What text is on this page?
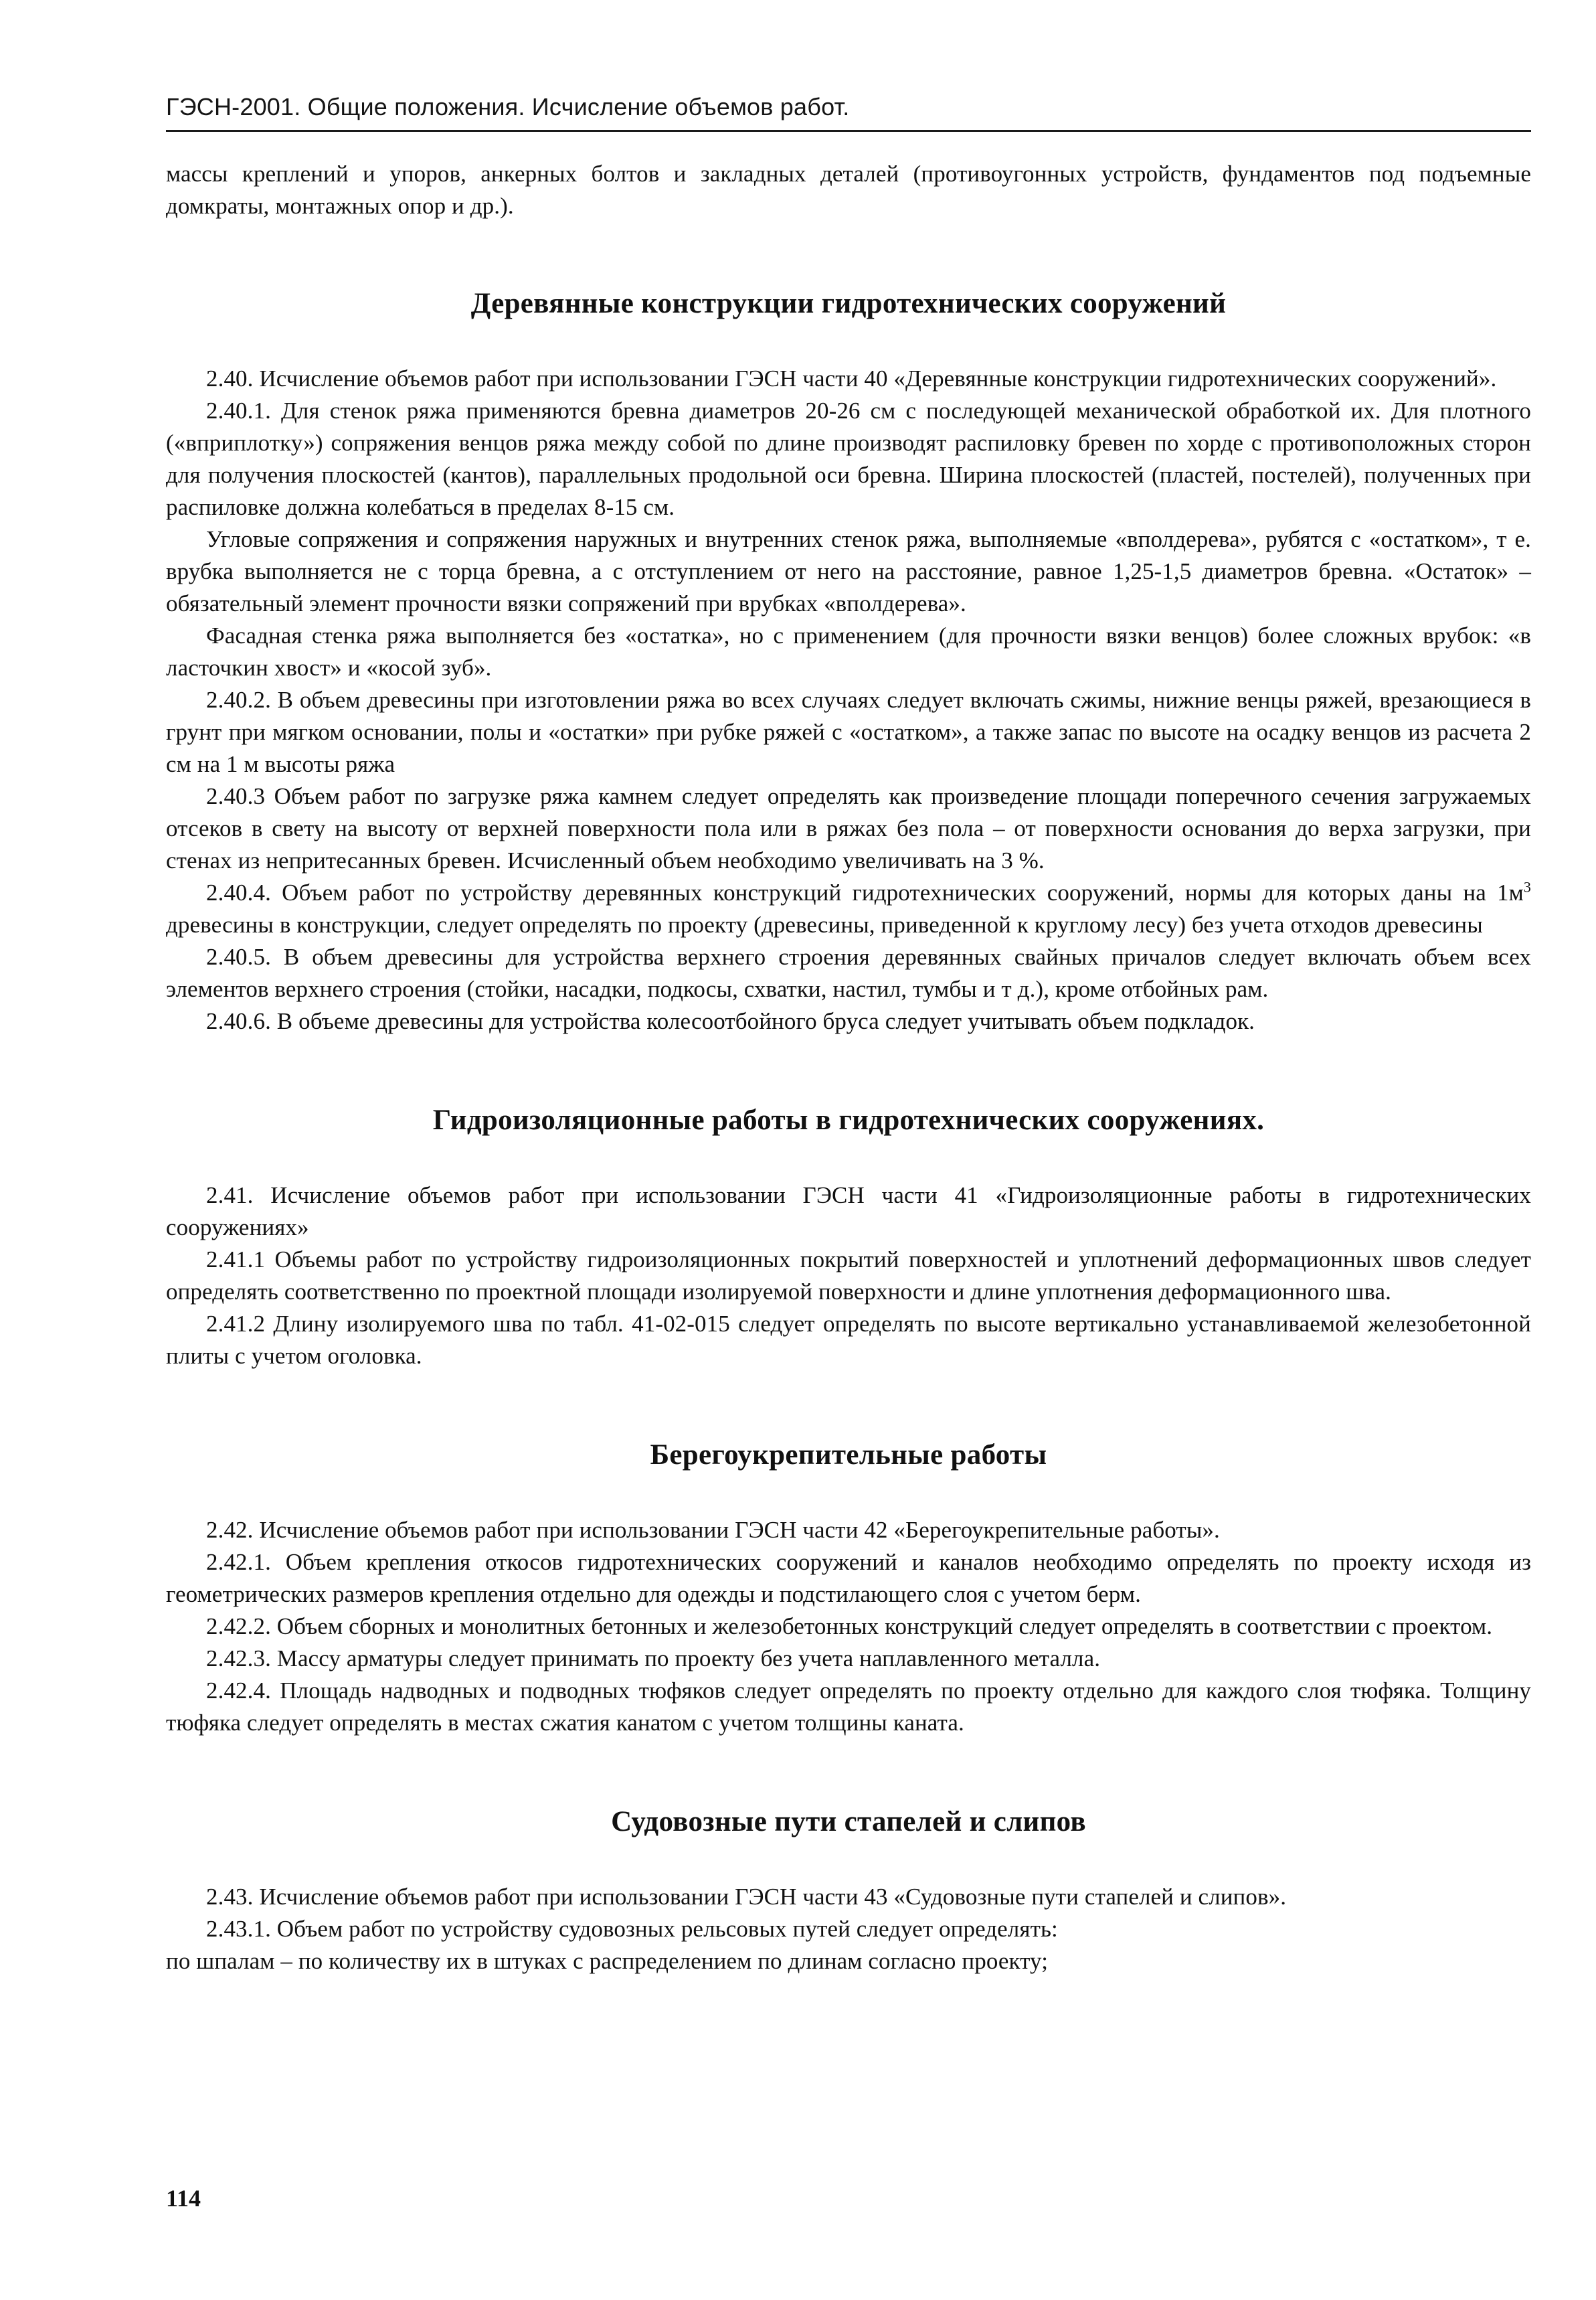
ГЭСН-2001. Общие положения. Исчисление объемов работ.

массы креплений и упоров, анкерных болтов и закладных деталей (противоугонных устройств, фундаментов под подъемные домкраты, монтажных опор и др.).

Деревянные конструкции гидротехнических сооружений

2.40. Исчисление объемов работ при использовании ГЭСН части 40 «Деревянные конструкции гидротехнических сооружений».

2.40.1. Для стенок ряжа применяются бревна диаметров 20-26 см с последующей механической обработкой их. Для плотного («вприплотку») сопряжения венцов ряжа между собой по длине производят распиловку бревен по хорде с противоположных сторон для получения плоскостей (кантов), параллельных продольной оси бревна. Ширина плоскостей (пластей, постелей), полученных при распиловке должна колебаться в пределах 8-15 см.

Угловые сопряжения и сопряжения наружных и внутренних стенок ряжа, выполняемые «вполдерева», рубятся с «остатком», т е. врубка выполняется не с торца бревна, а с отступлением от него на расстояние, равное 1,25-1,5 диаметров бревна. «Остаток» – обязательный элемент прочности вязки сопряжений при врубках «вполдерева».

Фасадная стенка ряжа выполняется без «остатка», но с применением (для прочности вязки венцов) более сложных врубок: «в ласточкин хвост» и «косой зуб».

2.40.2. В объем древесины при изготовлении ряжа во всех случаях следует включать сжимы, нижние венцы ряжей, врезающиеся в грунт при мягком основании, полы и «остатки» при рубке ряжей с «остатком», а также запас по высоте на осадку венцов из расчета 2 см на 1 м высоты ряжа

2.40.3 Объем работ по загрузке ряжа камнем следует определять как произведение площади поперечного сечения загружаемых отсеков в свету на высоту от верхней поверхности пола или в ряжах без пола – от поверхности основания до верха загрузки, при стенах из непритесанных бревен. Исчисленный объем необходимо увеличивать на 3 %.

2.40.4. Объем работ по устройству деревянных конструкций гидротехнических сооружений, нормы для которых даны на $1м^3$ древесины в конструкции, следует определять по проекту (древесины, приведенной к круглому лесу) без учета отходов древесины

2.40.5. В объем древесины для устройства верхнего строения деревянных свайных причалов следует включать объем всех элементов верхнего строения (стойки, насадки, подкосы, схватки, настил, тумбы и т д.), кроме отбойных рам.

2.40.6. В объеме древесины для устройства колесоотбойного бруса следует учитывать объем подкладок.

Гидроизоляционные работы в гидротехнических сооружениях.

2.41. Исчисление объемов работ при использовании ГЭСН части 41 «Гидроизоляционные работы в гидротехнических сооружениях»

2.41.1 Объемы работ по устройству гидроизоляционных покрытий поверхностей и уплотнений деформационных швов следует определять соответственно по проектной площади изолируемой поверхности и длине уплотнения деформационного шва.

2.41.2 Длину изолируемого шва по табл. 41-02-015 следует определять по высоте вертикально устанавливаемой железобетонной плиты с учетом оголовка.

Берегоукрепительные работы

2.42. Исчисление объемов работ при использовании ГЭСН части 42 «Берегоукрепительные работы».

2.42.1. Объем крепления откосов гидротехнических сооружений и каналов необходимо определять по проекту исходя из геометрических размеров крепления отдельно для одежды и подстилающего слоя с учетом берм.

2.42.2. Объем сборных и монолитных бетонных и железобетонных конструкций следует определять в соответствии с проектом.

2.42.3. Массу арматуры следует принимать по проекту без учета наплавленного металла.

2.42.4. Площадь надводных и подводных тюфяков следует определять по проекту отдельно для каждого слоя тюфяка. Толщину тюфяка следует определять в местах сжатия канатом с учетом толщины каната.

Судовозные пути стапелей и слипов

2.43. Исчисление объемов работ при использовании ГЭСН части 43 «Судовозные пути стапелей и слипов».

2.43.1. Объем работ по устройству судовозных рельсовых путей следует определять:

по шпалам – по количеству их в штуках с распределением по длинам согласно проекту;

114
